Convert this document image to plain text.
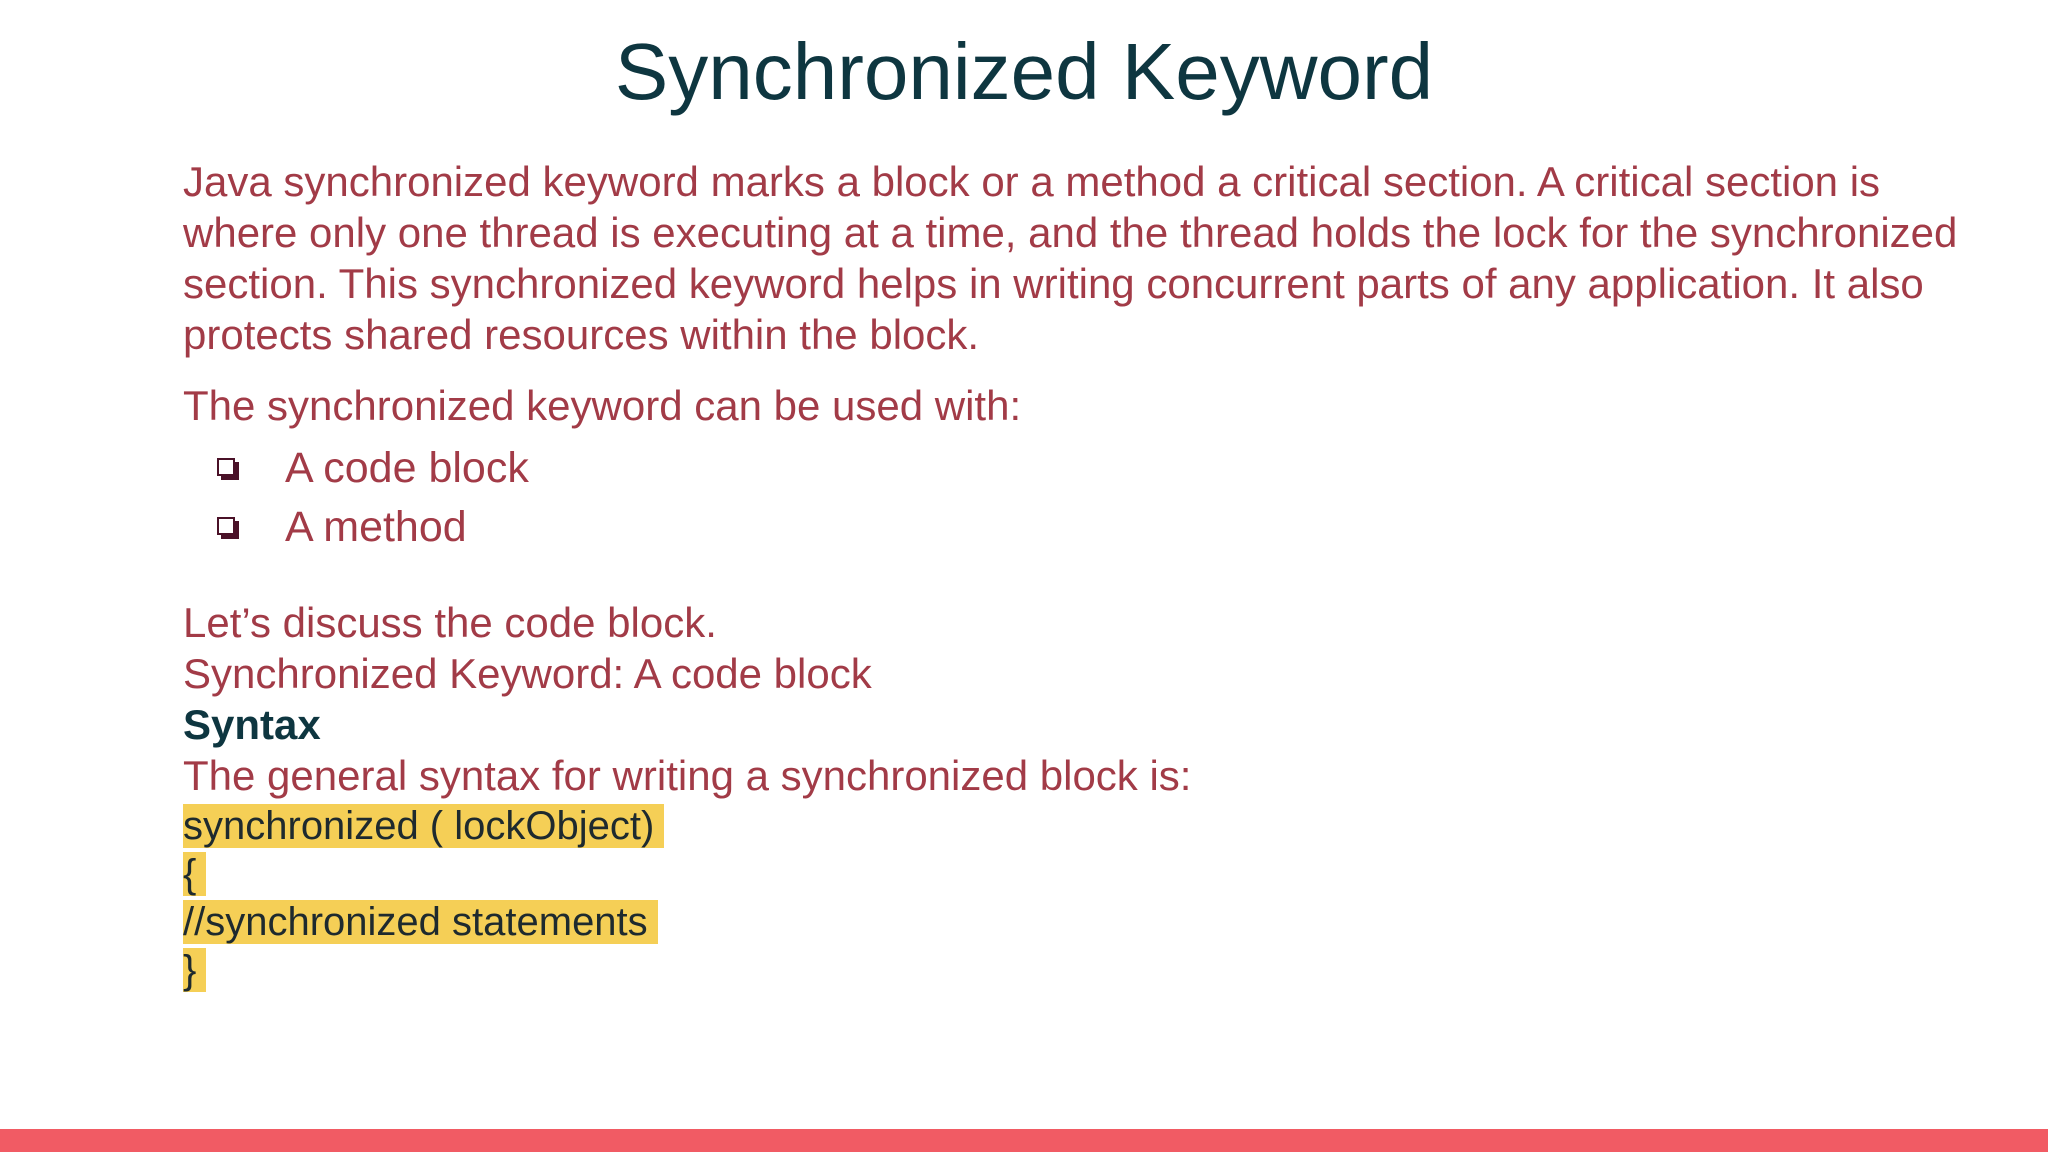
Synchronized Keyword

Java synchronized keyword marks a block or a method a critical section. A critical section is where only one thread is executing at a time, and the thread holds the lock for the synchronized section. This synchronized keyword helps in writing concurrent parts of any application. It also protects shared resources within the block.

The synchronized keyword can be used with:

A code block
A method
Let’s discuss the code block.
Synchronized Keyword: A code block
Syntax
The general syntax for writing a synchronized block is:
synchronized ( lockObject)
{
//synchronized statements
}
